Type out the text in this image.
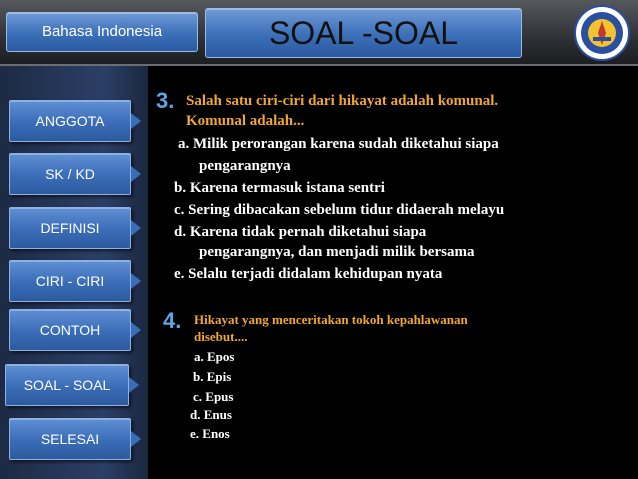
Bahasa Indonesia	SOAL -SOAL
ANGGOTA
SK / KD
DEFINISI
CIRI - CIRI
CONTOH
SOAL - SOAL
SELESAI
3. Salah satu ciri-ciri dari hikayat adalah komunal.
Komunal adalah...
a. Milik perorangan karena sudah diketahui siapa
pengarangnya
b. Karena termasuk istana sentri
c. Sering dibacakan sebelum tidur didaerah melayu
d. Karena tidak pernah diketahui siapa
pengarangnya, dan menjadi milik bersama
e. Selalu terjadi didalam kehidupan nyata
4. Hikayat yang menceritakan tokoh kepahlawanan
disebut....
a. Epos
b. Epis
c. Epus
d. Enus
e. Enos
